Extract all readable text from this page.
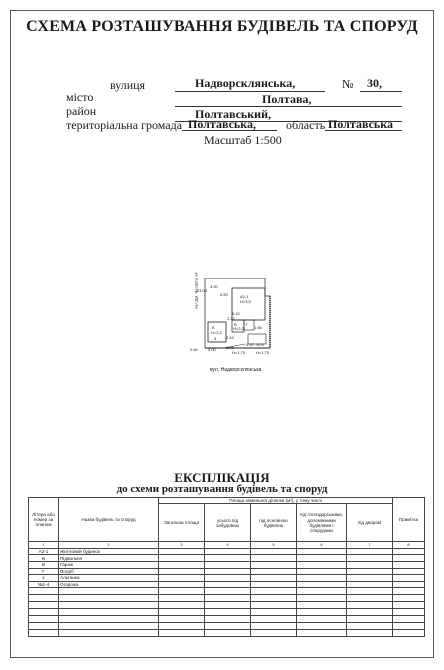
СХЕМА РОЗТАШУВАННЯ БУДІВЕЛЬ ТА СПОРУД
вулиця	Надворсклянська,	№ 30,
місто	Полтава,
район	Полтавський,
територіальна громада Полтавська,	область Полтавська
Масштаб 1:500
вул.Дм. Неофіта 14
23.03
3.00
6.50	А2-1
Н=3,5
6.10
Б
Н=2,2
В
Н=2,2
Г
3
2.22
2.44
1.96
0.60	3.00	2.00
4.42 10.4
Н=1,75	Н=1,75
вул. Надворсклянська
ЕКСПЛІКАЦІЯ
до схеми розташування будівель та споруд
Літера або номер за планом	Назва будівель та споруд	Площа земельної ділянки (м²), у тому числі					Примітка
		Загальна площа	усього під забудовою	під основною будівлею	під господарськими, допоміжними будівлями і спорудами	під двором	
1	2	3	4	5	6	7	8
А2-1	Житловий будинок						
Б	Підвальня						
В	Гараж						
Г	Погріб						
к	Альтанка						
№1-4	Огорожа						
